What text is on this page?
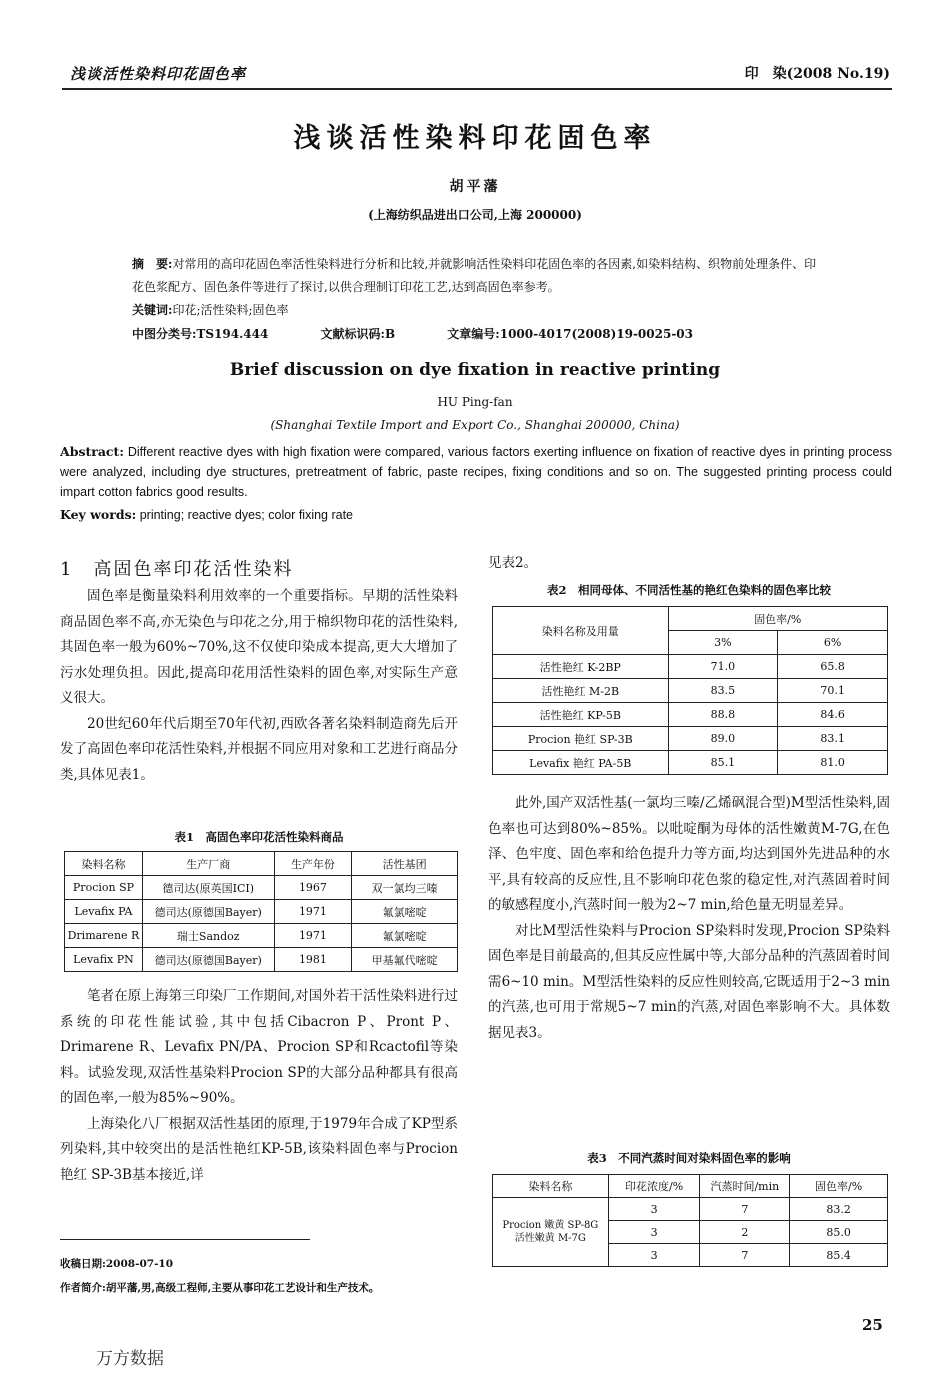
浅谈活性染料印花固色率	印　染(2008 No.19)
浅谈活性染料印花固色率
胡平藩
(上海纺织品进出口公司,上海 200000)
摘　要:对常用的高印花固色率活性染料进行分析和比较,并就影响活性染料印花固色率的各因素,如染料结构、织物前处理条件、印花色浆配方、固色条件等进行了探讨,以供合理制订印花工艺,达到高固色率参考。
关键词:印花;活性染料;固色率
中图分类号:TS194.444	文献标识码:B	文章编号:1000-4017(2008)19-0025-03
Brief discussion on dye fixation in reactive printing
HU Ping-fan
(Shanghai Textile Import and Export Co., Shanghai 200000, China)
Abstract: Different reactive dyes with high fixation were compared, various factors exerting influence on fixation of reactive dyes in printing process were analyzed, including dye structures, pretreatment of fabric, paste recipes, fixing conditions and so on. The suggested printing process could impart cotton fabrics good results.
Key words: printing; reactive dyes; color fixing rate
1　高固色率印花活性染料

固色率是衡量染料利用效率的一个重要指标。早期的活性染料商品固色率不高,亦无染色与印花之分,用于棉织物印花的活性染料,其固色率一般为60%~70%,这不仅使印染成本提高,更大大增加了污水处理负担。因此,提高印花用活性染料的固色率,对实际生产意义很大。

20世纪60年代后期至70年代初,西欧各著名染料制造商先后开发了高固色率印花活性染料,并根据不同应用对象和工艺进行商品分类,具体见表1。

表1　高固色率印花活性染料商品
染料名称	生产厂商	生产年份	活性基团
Procion SP	德司达(原英国ICI)	1967	双一氯均三嗪
Levafix PA	德司达(原德国Bayer)	1971	氟氯嘧啶
Drimarene R	瑞士Sandoz	1971	氟氯嘧啶
Levafix PN	德司达(原德国Bayer)	1981	甲基氟代嘧啶

笔者在原上海第三印染厂工作期间,对国外若干活性染料进行过系统的印花性能试验,其中包括Cibacron P、Pront P、Drimarene R、Levafix PN/PA、Procion SP和Rcactofil等染料。试验发现,双活性基染料Procion SP的大部分品种都具有很高的固色率,一般为85%~90%。

上海染化八厂根据双活性基团的原理,于1979年合成了KP型系列染料,其中较突出的是活性艳红KP-5B,该染料固色率与Procion 艳红 SP-3B基本接近,详

收稿日期:2008-07-10
作者简介:胡平藩,男,高级工程师,主要从事印花工艺设计和生产技术。

见表2。

表2　相同母体、不同活性基的艳红色染料的固色率比较
染料名称及用量	固色率/%	
	3%	6%
活性艳红 K-2BP	71.0	65.8
活性艳红 M-2B	83.5	70.1
活性艳红 KP-5B	88.8	84.6
Procion 艳红 SP-3B	89.0	83.1
Levafix 艳红 PA-5B	85.1	81.0

此外,国产双活性基(一氯均三嗪/乙烯砜混合型)M型活性染料,固色率也可达到80%~85%。以吡啶酮为母体的活性嫩黄M-7G,在色泽、色牢度、固色率和给色提升力等方面,均达到国外先进品种的水平,具有较高的反应性,且不影响印花色浆的稳定性,对汽蒸固着时间的敏感程度小,汽蒸时间一般为2~7 min,给色量无明显差异。

对比M型活性染料与Procion SP染料时发现,Procion SP染料固色率是目前最高的,但其反应性属中等,大部分品种的汽蒸固着时间需6~10 min。M型活性染料的反应性则较高,它既适用于2~3 min的汽蒸,也可用于常规5~7 min的汽蒸,对固色率影响不大。具体数据见表3。

表3　不同汽蒸时间对染料固色率的影响
染料名称	印花浓度/%	汽蒸时间/min	固色率/%
Procion 嫩黄 SP-8G
活性嫩黄 M-7G	3	7	83.2
	3	2	85.0
	3	7	85.4
25
万方数据
